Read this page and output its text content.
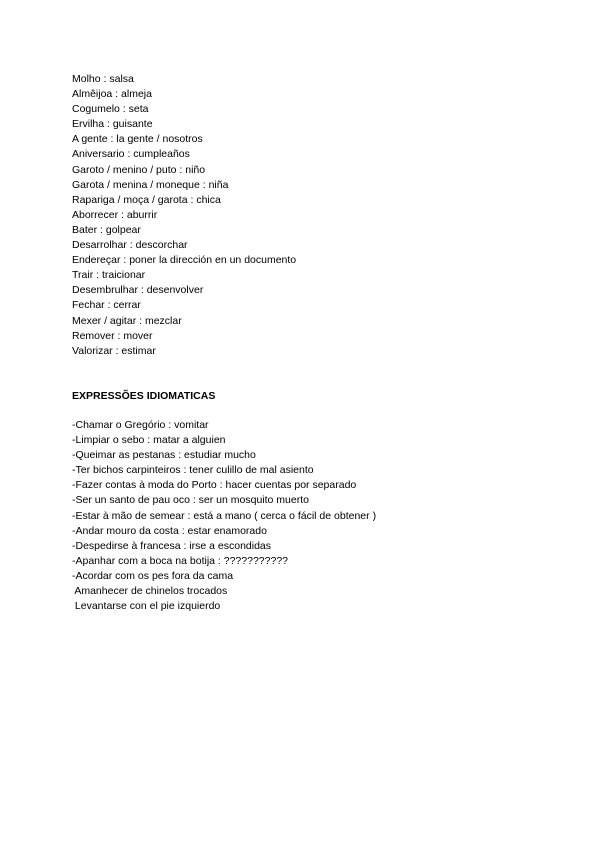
Molho : salsa
Almêijoa : almeja
Cogumelo : seta
Ervilha : guisante
A gente : la gente / nosotros
Aniversario : cumpleaños
Garoto / menino / puto : niño
Garota / menina / moneque : niña
Rapariga / moça / garota : chica
Aborrecer : aburrir
Bater : golpear
Desarrolhar : descorchar
Endereçar : poner la dirección en un documento
Trair : traicionar
Desembrulhar : desenvolver
Fechar : cerrar
Mexer / agitar : mezclar
Remover : mover
Valorizar : estimar
EXPRESSÕES IDIOMATICAS
-Chamar o Gregório : vomitar
-Limpiar o sebo : matar a alguien
-Queimar as pestanas : estudiar mucho
-Ter bichos carpinteiros : tener culillo de mal asiento
-Fazer contas à moda do Porto : hacer cuentas por separado
-Ser un santo de pau oco : ser un mosquito muerto
-Estar à mão de semear : está a mano ( cerca o fácil de obtener )
-Andar mouro da costa : estar enamorado
-Despedirse à francesa : irse a escondidas
-Apanhar com a boca na botija : ???????????
-Acordar com os pes fora da cama
Amanhecer de chinelos trocados
Levantarse con el pie izquierdo
